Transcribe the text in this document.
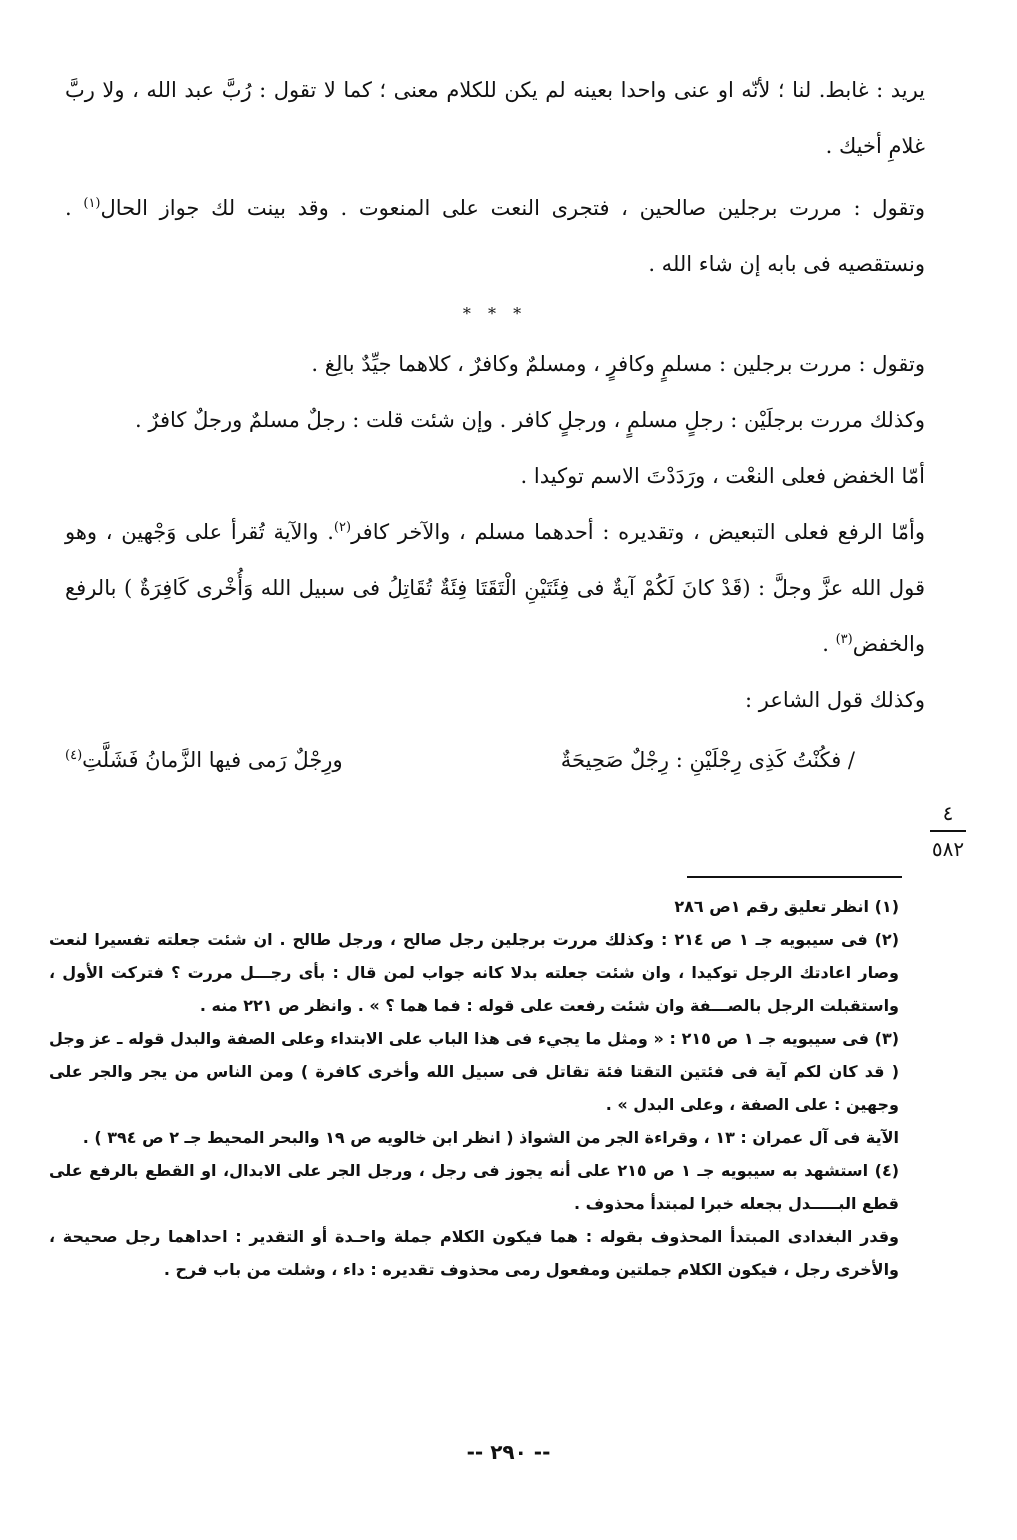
يريد : غابط. لنا ؛ لأنّه او عنى واحدا بعينه لم يكن للكلام معنى ؛ كما لا تقول : رُبَّ عبد الله ، ولا ربَّ غلامِ أخيك .

وتقول : مررت برجلين صالحين ، فتجرى النعت على المنعوت . وقد بينت لك جواز الحال$^{(١)}$ . ونستقصيه فى بابه إن شاء الله .

* * *

وتقول : مررت برجلين : مسلمٍ وكافرٍ ، ومسلمٌ وكافرٌ ، كلاهما جيِّدٌ بالِغ .

وكذلك مررت برجلَيْن : رجلٍ مسلمٍ ، ورجلٍ كافر . وإن شئت قلت : رجلٌ مسلمٌ ورجلٌ كافرٌ .

أمّا الخفض فعلى النعْت ، ورَدَدْتَ الاسم توكيدا .

وأمّا الرفع فعلى التبعيض ، وتقديره : أحدهما مسلم ، والآخر كافر$^{(٢)}$. والآية تُقرأ على وَجْهين ، وهو قول الله عزَّ وجلَّ : (قَدْ كانَ لَكُمْ آيةٌ فى فِئَتَيْنِ الْتَقَتَا فِئَةٌ تُقَاتِلُ فى سبيل الله وَأُخْرى كَافِرَةٌ ) بالرفع والخفض$^{(٣)}$ .

وكذلك قول الشاعر :

/ فكُنْتُ كَذِى رِجْلَيْنِ : رِجْلٌ صَحِيحَةٌ
ورِجْلٌ رَمى فيها الزَّمانُ فَشَلَّتِ(٤)
٤
٥٨٢

(١) انظر تعليق رقم ١ص ٢٨٦

(٢) فى سيبويه جـ ١ ص ٢١٤ : وكذلك مررت برجلين رجل صالح ، ورجل طالح . ان شئت جعلته تفسيرا لنعت وصار اعادتك الرجل توكيدا ، وان شئت جعلته بدلا كانه جواب لمن قال : بأى رجـــل مررت ؟ فتركت الأول ، واستقبلت الرجل بالصـــفة وان شئت رفعت على قوله : فما هما ؟ » . وانظر ص ٢٢١ منه .

(٣) فى سيبويه جـ ١ ص ٢١٥ : « ومثل ما يجيء فى هذا الباب على الابتداء وعلى الصفة والبدل قوله ـ عز وجل ( قد كان لكم آية فى فئتين التقتا فئة تقاتل فى سبيل الله وأخرى كافرة ) ومن الناس من يجر والجر على وجهين : على الصفة ، وعلى البدل » .

الآية فى آل عمران : ١٣ ، وقراءة الجر من الشواذ ( انظر ابن خالويه ص ١٩ والبحر المحيط جـ ٢ ص ٣٩٤ ) .

(٤) استشهد به سيبويه جـ ١ ص ٢١٥ على أنه يجوز فى رجل ، ورجل الجر على الابدال، او القطع بالرفع على قطع البـــــدل بجعله خبرا لمبتدأ محذوف .

وقدر البغدادى المبتدأ المحذوف بقوله : هما فيكون الكلام جملة واحـدة أو التقدير : احداهما رجل صحيحة ، والأخرى رجل ، فيكون الكلام جملتين ومفعول رمى محذوف تقديره : داء ، وشلت من باب فرح .

-- ٢٩٠ --
